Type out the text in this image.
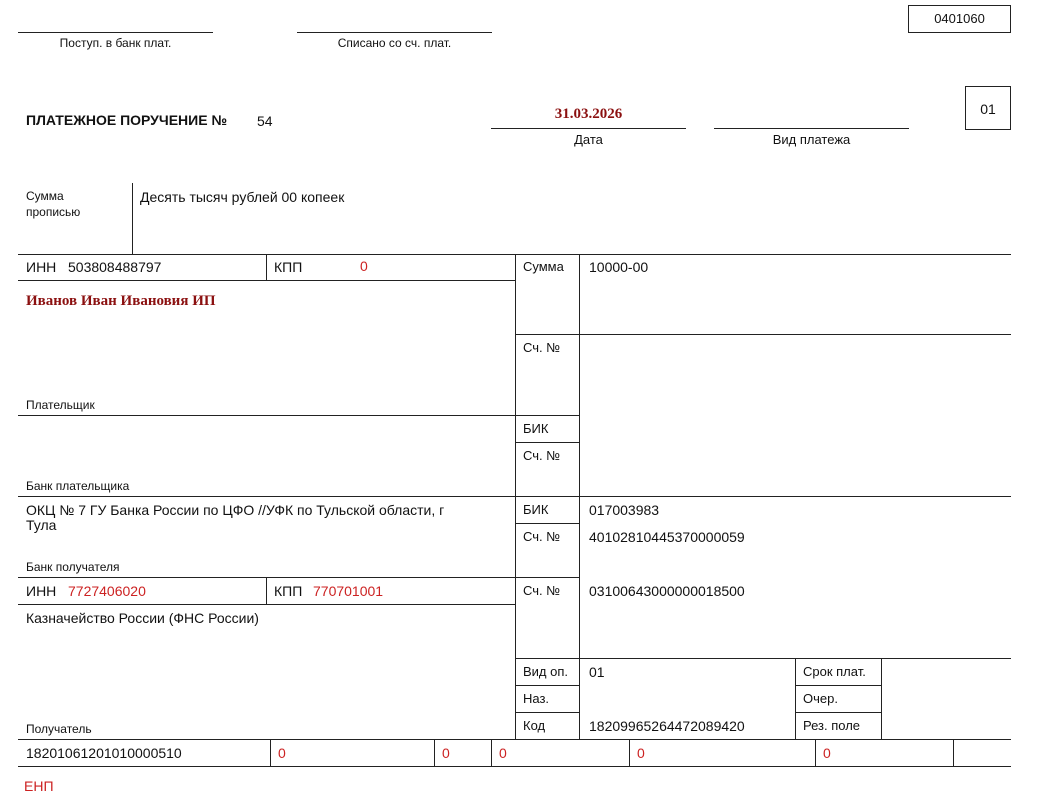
0401060
Поступ. в банк плат.	Списано со сч. плат.
ПЛАТЕЖНОЕ ПОРУЧЕНИЕ № 54	31.03.2026
Дата	Вид платежа
01
Сумма
прописью
Десять тысяч рублей 00 копеек
ИНН 503808488797	КПП	0
Иванов Иван Ивановия ИП
Плательщик
Банк плательщика
Сумма 10000-00
Сч. №
БИК
Сч. №
ОКЦ № 7 ГУ Банка России по ЦФО //УФК по Тульской области, г
Тула
Банк получателя
БИК	017003983
Сч. № 40102810445370000059
ИНН 7727406020	КПП 770701001
Казначейство России (ФНС России)
Получатель
Сч. № 03100643000000018500
Вид оп. 01
Наз.
Код	18209965264472089420
Срок плат.
Очер.
Рез. поле
18201061201010000510	0	0	0	0	0
ЕНП
